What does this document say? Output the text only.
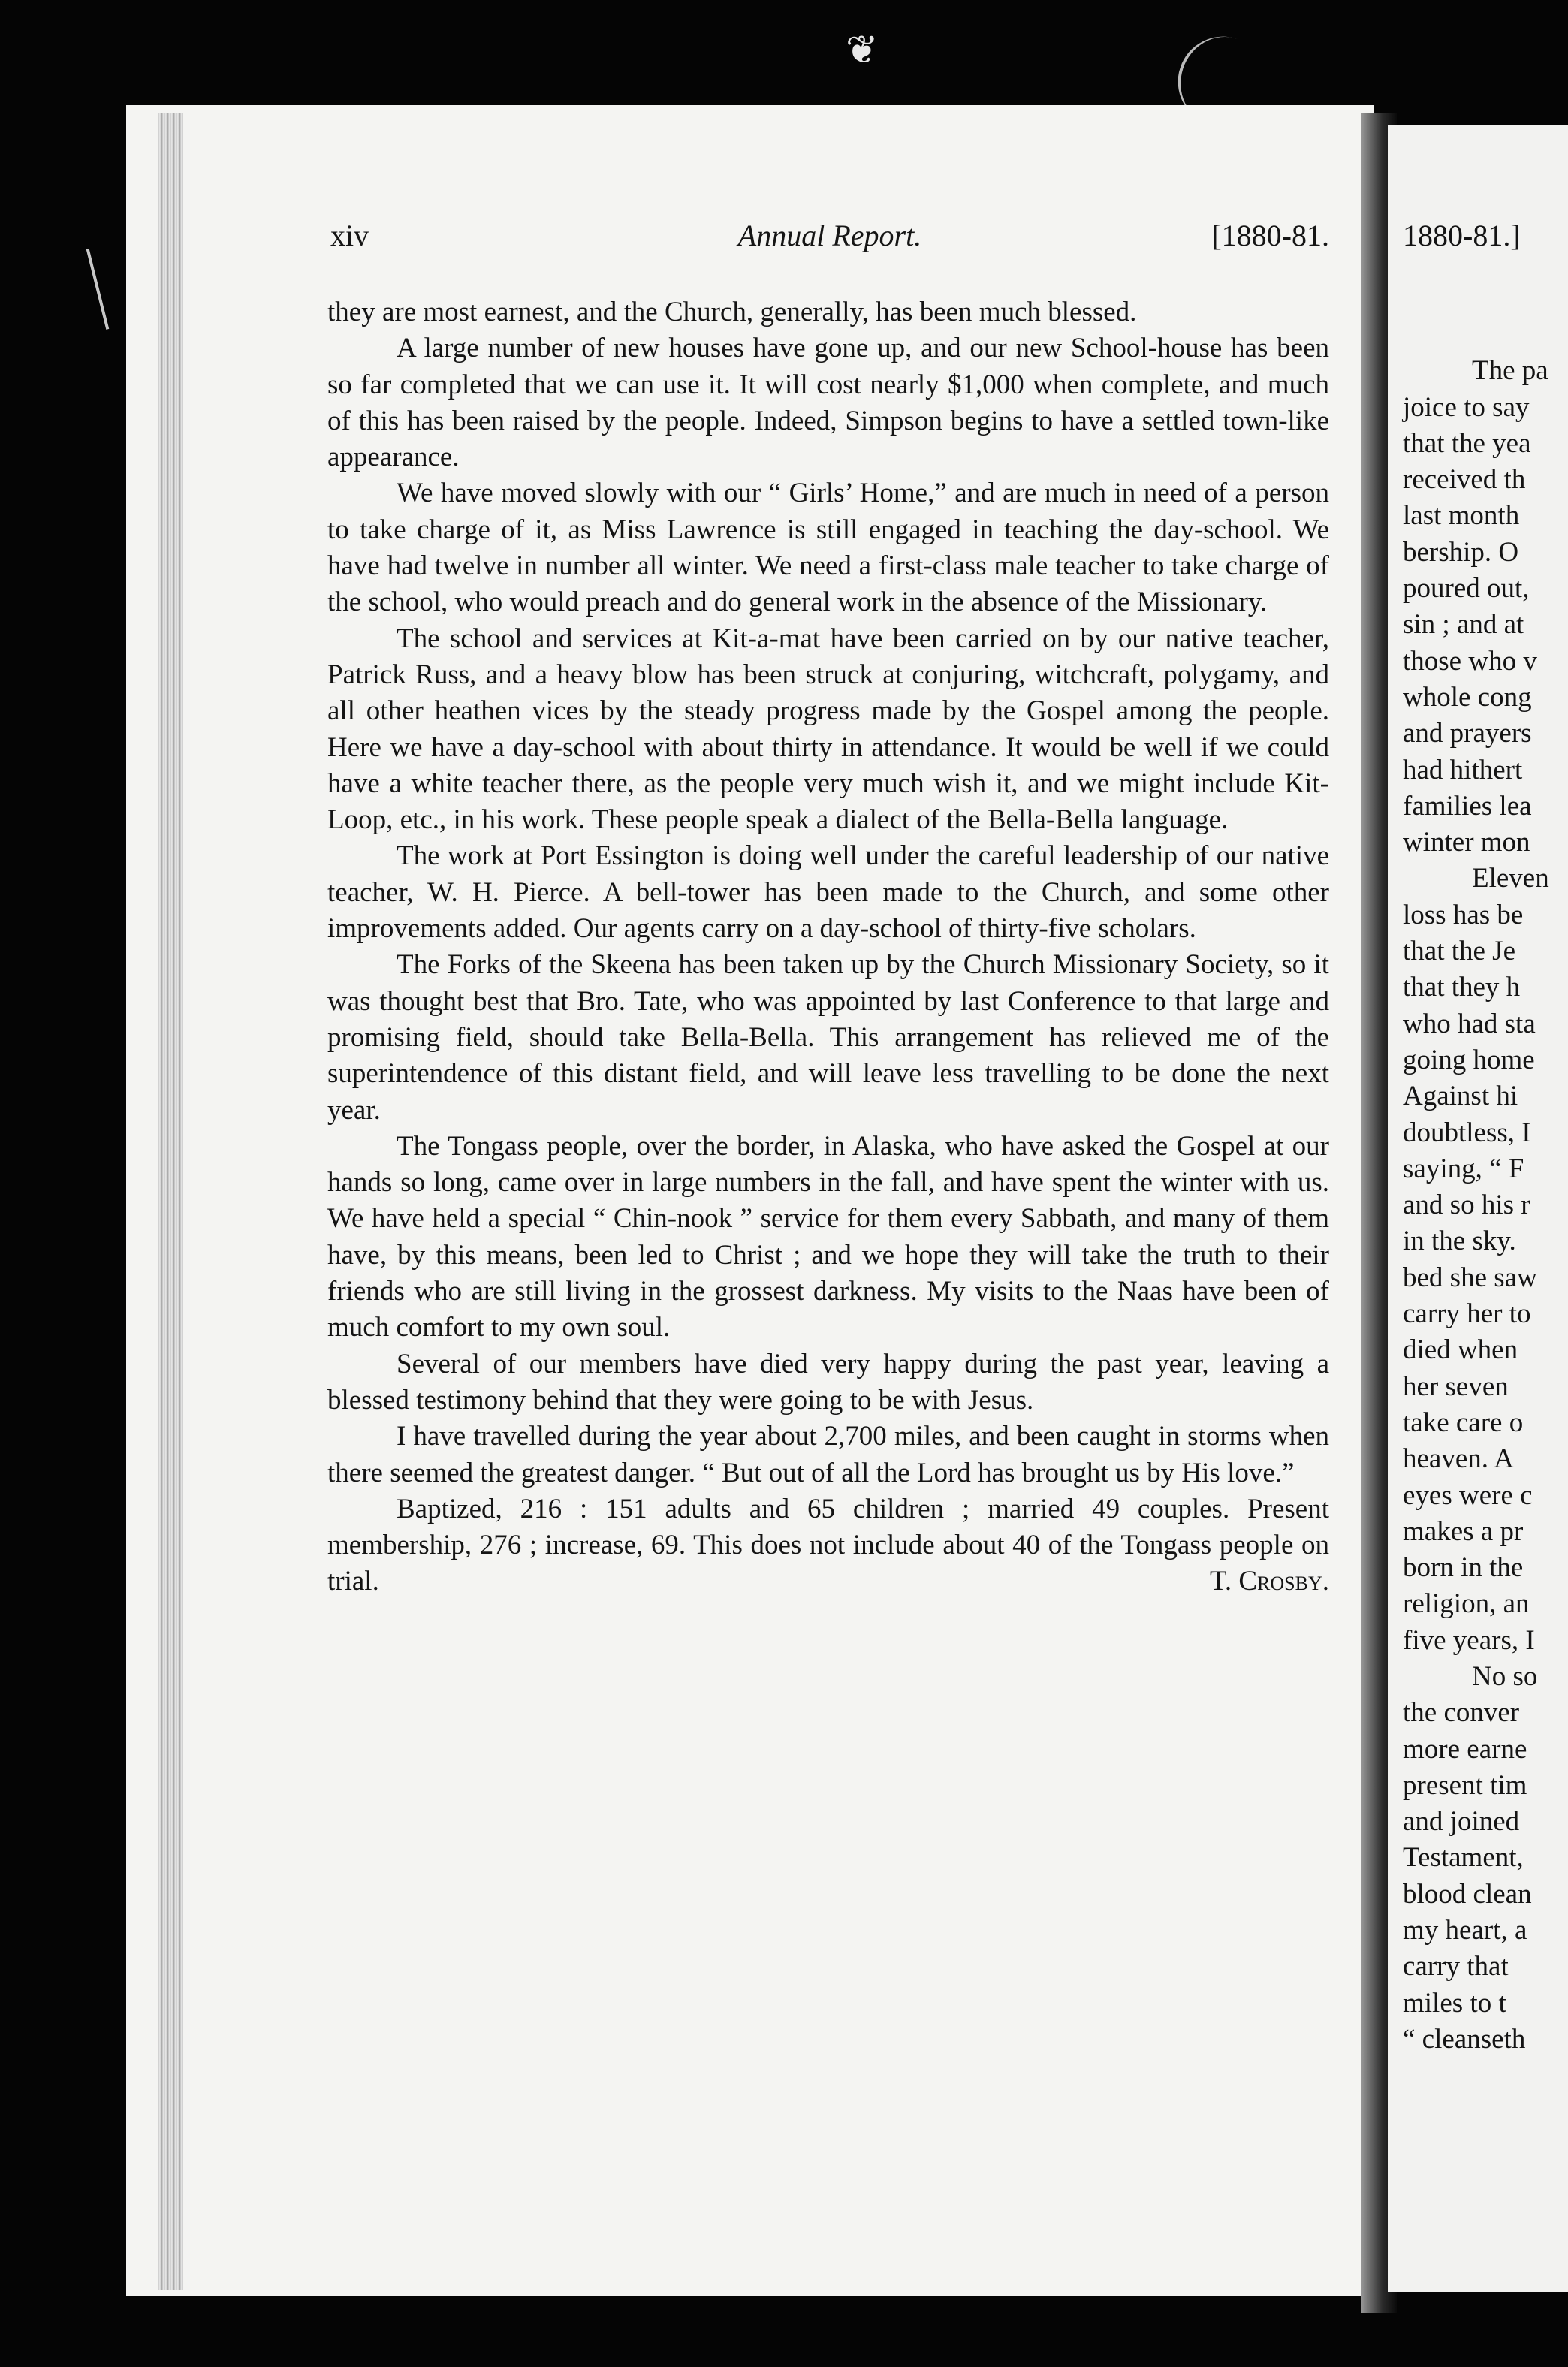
❦
xiv	Annual Report.	[1880-81.

they are most earnest, and the Church, generally, has been much blessed.

A large number of new houses have gone up, and our new School-house has been so far completed that we can use it. It will cost nearly $1,000 when complete, and much of this has been raised by the people. Indeed, Simpson begins to have a settled town-like appearance.

We have moved slowly with our “ Girls’ Home,” and are much in need of a person to take charge of it, as Miss Lawrence is still engaged in teaching the day-school. We have had twelve in number all winter. We need a first-class male teacher to take charge of the school, who would preach and do general work in the absence of the Missionary.

The school and services at Kit-a-mat have been carried on by our native teacher, Patrick Russ, and a heavy blow has been struck at conjuring, witchcraft, polygamy, and all other heathen vices by the steady progress made by the Gospel among the people. Here we have a day-school with about thirty in attendance. It would be well if we could have a white teacher there, as the people very much wish it, and we might include Kit-Loop, etc., in his work. These people speak a dialect of the Bella-Bella language.

The work at Port Essington is doing well under the careful leadership of our native teacher, W. H. Pierce. A bell-tower has been made to the Church, and some other improvements added. Our agents carry on a day-school of thirty-five scholars.

The Forks of the Skeena has been taken up by the Church Missionary Society, so it was thought best that Bro. Tate, who was appointed by last Conference to that large and promising field, should take Bella-Bella. This arrangement has relieved me of the superintendence of this distant field, and will leave less travelling to be done the next year.

The Tongass people, over the border, in Alaska, who have asked the Gospel at our hands so long, came over in large numbers in the fall, and have spent the winter with us. We have held a special “ Chin-nook ” service for them every Sabbath, and many of them have, by this means, been led to Christ ; and we hope they will take the truth to their friends who are still living in the grossest darkness. My visits to the Naas have been of much comfort to my own soul.

Several of our members have died very happy during the past year, leaving a blessed testimony behind that they were going to be with Jesus.

I have travelled during the year about 2,700 miles, and been caught in storms when there seemed the greatest danger. “ But out of all the Lord has brought us by His love.”

Baptized, 216 : 151 adults and 65 children ; married 49 couples. Present membership, 276 ; increase, 69. This does not include about 40 of the Tongass people on trial.	T. Crosby.

1880-81.]
The pa
joice to say
that the yea
received th
last month
bership. O
poured out,
sin ; and at
those who v
whole cong
and prayers
had hithert
families lea
winter mon
Eleven
loss has be
that the Je
that they h
who had sta
going home
Against hi
doubtless, I
saying, “ F
and so his r
in the sky.
bed she saw
carry her to
died when
her seven
take care o
heaven. A
eyes were c
makes a pr
born in the
religion, an
five years, I
No so
the conver
more earne
present tim
and joined
Testament,
blood clean
my heart, a
carry that
miles to t
“ cleanseth
